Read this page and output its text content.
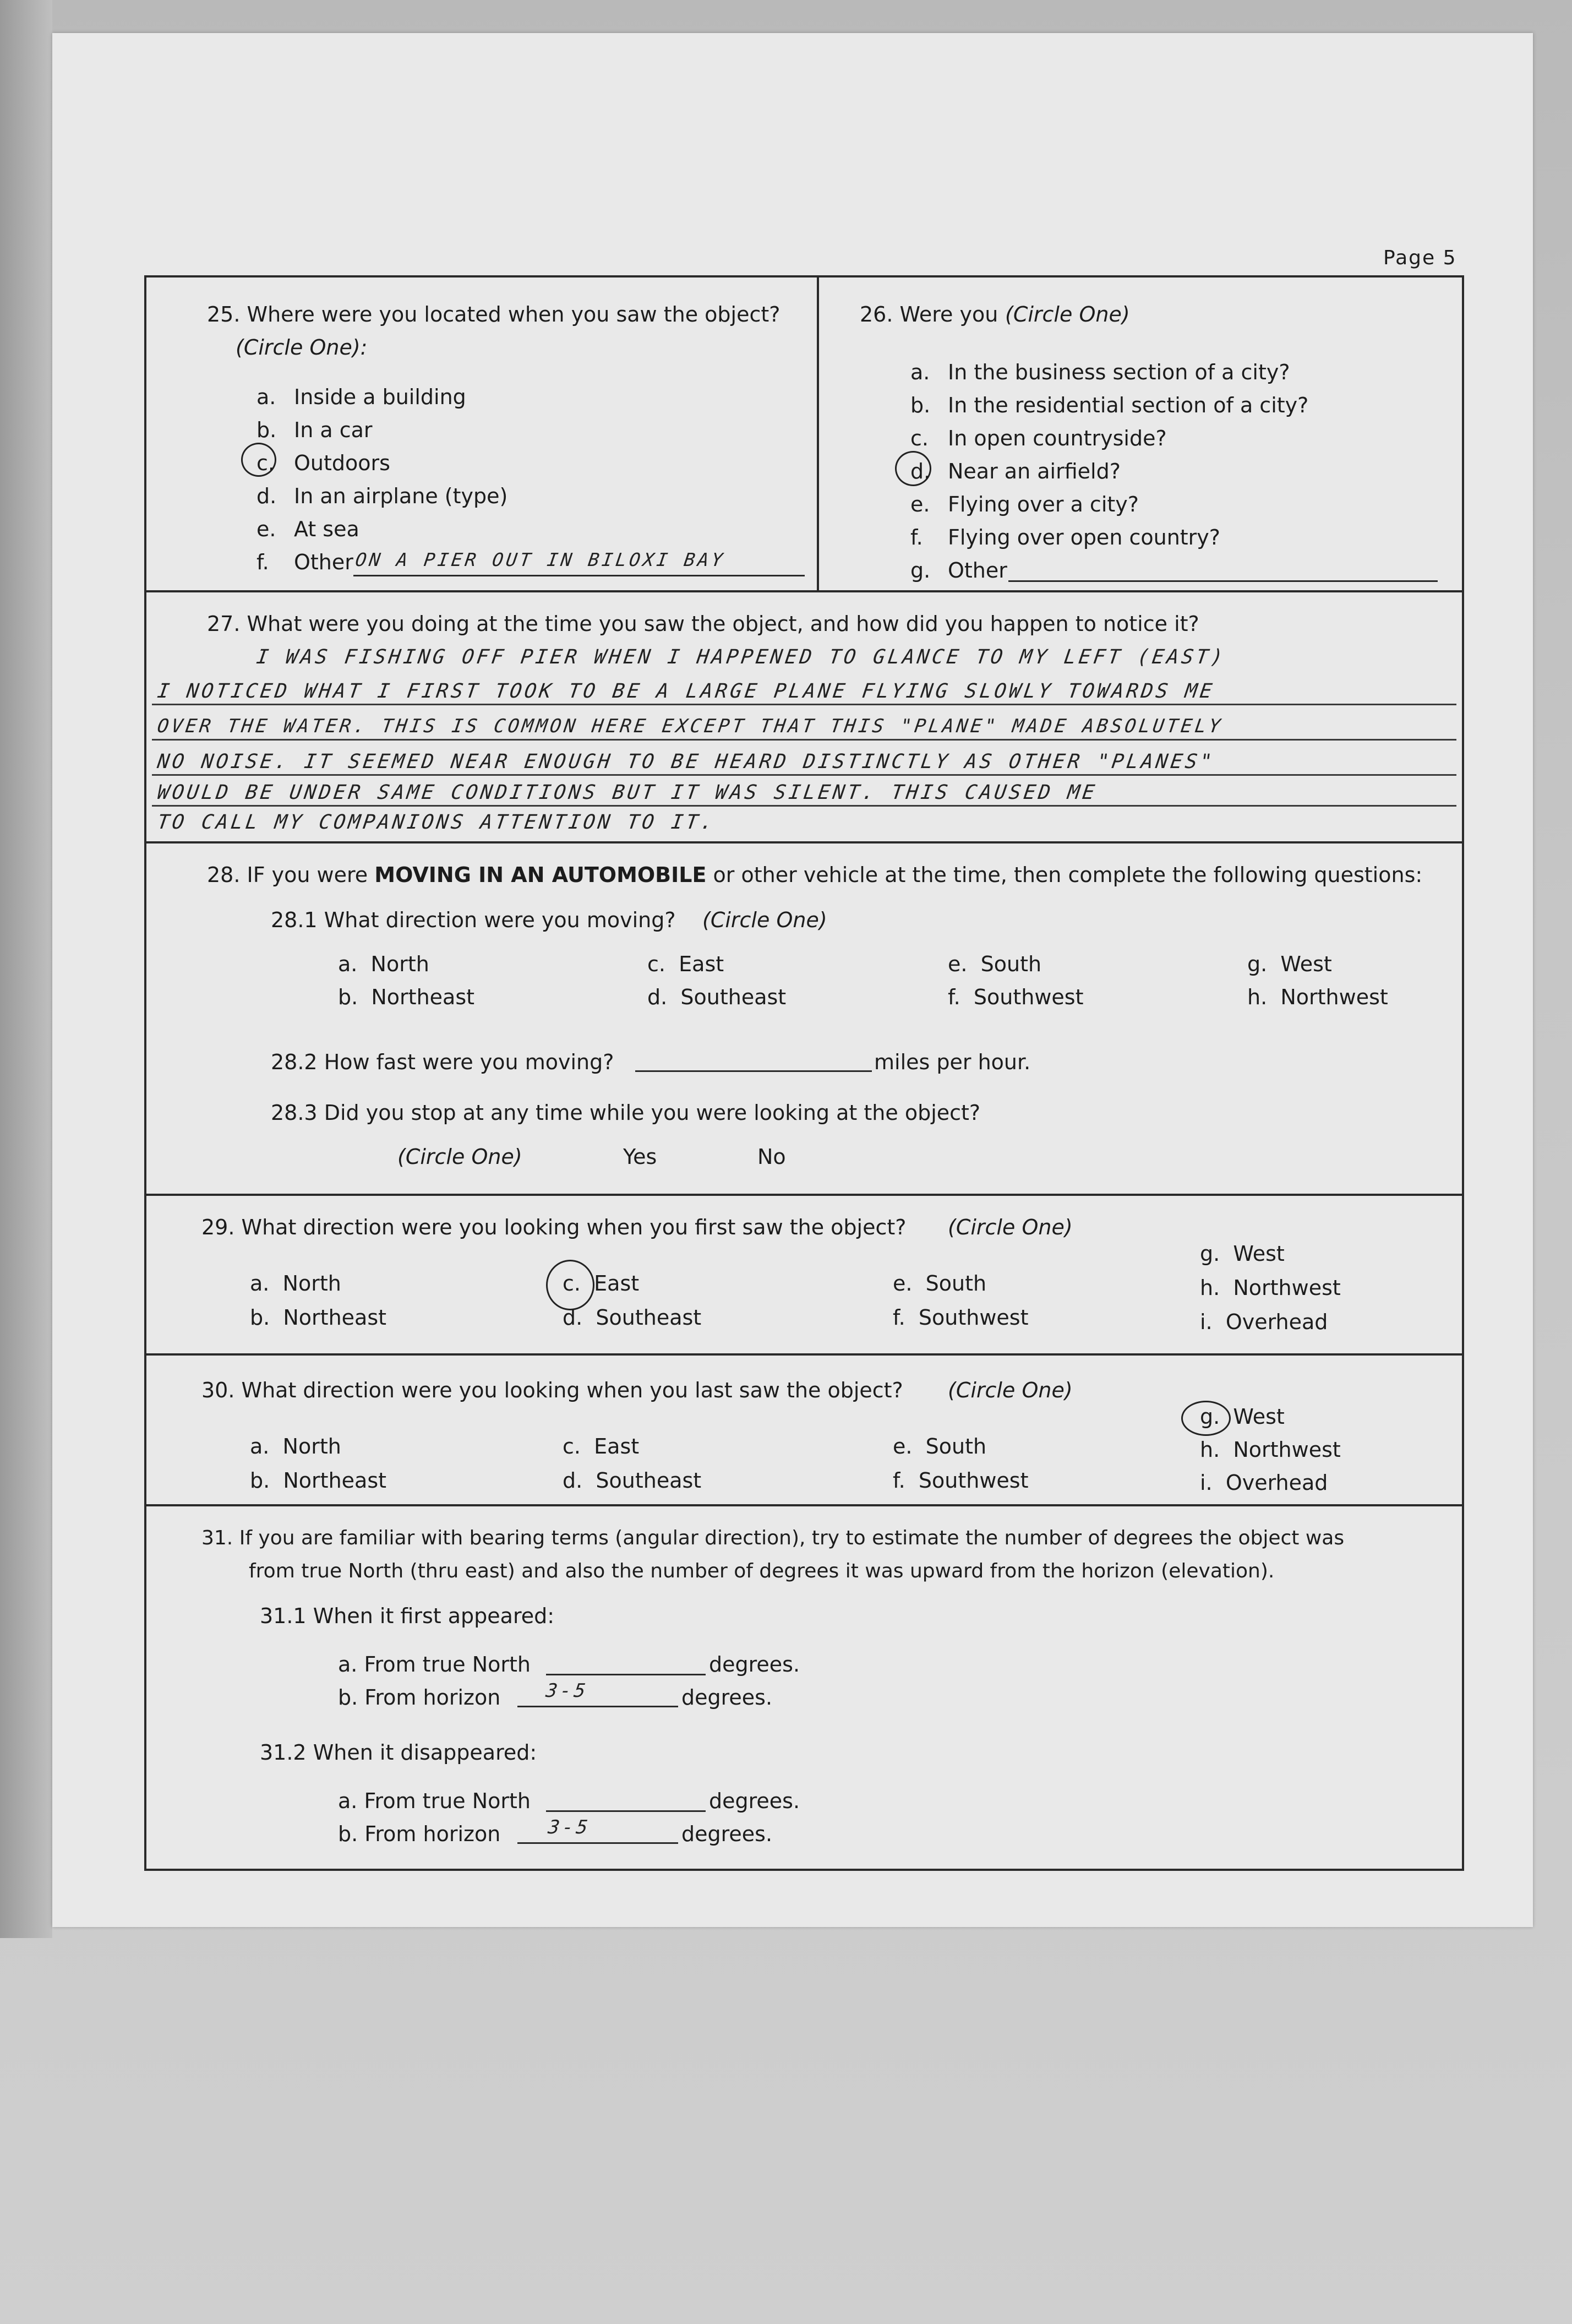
Page 5
25. Where were you located when you saw the object?
(Circle One):
a. Inside a building
b. In a car
c. Outdoors
d. In an airplane (type)
e. At sea
f. Other ON A PIER OUT IN BILOXI BAY
26. Were you (Circle One)
a. In the business section of a city?
b. In the residential section of a city?
c. In open countryside?
d. Near an airfield?
e. Flying over a city?
f. Flying over open country?
g. Other
27. What were you doing at the time you saw the object, and how did you happen to notice it?
I WAS FISHING OFF PIER WHEN I HAPPENED TO GLANCE TO MY LEFT (EAST)
I NOTICED WHAT I FIRST TOOK TO BE A LARGE PLANE FLYING SLOWLY TOWARDS ME
OVER THE WATER. THIS IS COMMON HERE EXCEPT THAT THIS "PLANE" MADE ABSOLUTELY
NO NOISE. IT SEEMED NEAR ENOUGH TO BE HEARD DISTINCTLY AS OTHER "PLANES"
WOULD BE UNDER SAME CONDITIONS BUT IT WAS SILENT. THIS CAUSED ME
TO CALL MY COMPANIONS ATTENTION TO IT.
28. IF you were MOVING IN AN AUTOMOBILE or other vehicle at the time, then complete the following questions:
28.1 What direction were you moving? (Circle One)
a. North
b. Northeast
c. East
d. Southeast
e. South
f. Southwest
g. West
h. Northwest
28.2 How fast were you moving?	miles per hour.
28.3 Did you stop at any time while you were looking at the object?
(Circle One)	Yes	No
29. What direction were you looking when you first saw the object? (Circle One)
a. North
b. Northeast
c. East
d. Southeast
e. South
f. Southwest
g. West
h. Northwest
i. Overhead
30. What direction were you looking when you last saw the object? (Circle One)
a. North
b. Northeast
c. East
d. Southeast
e. South
f. Southwest
g. West
h. Northwest
i. Overhead
31. If you are familiar with bearing terms (angular direction), try to estimate the number of degrees the object was
from true North (thru east) and also the number of degrees it was upward from the horizon (elevation).
31.1 When it first appeared:
a. From true North	degrees.
b. From horizon 3-5	degrees.
31.2 When it disappeared:
a. From true North	degrees.
b. From horizon 3-5	degrees.
